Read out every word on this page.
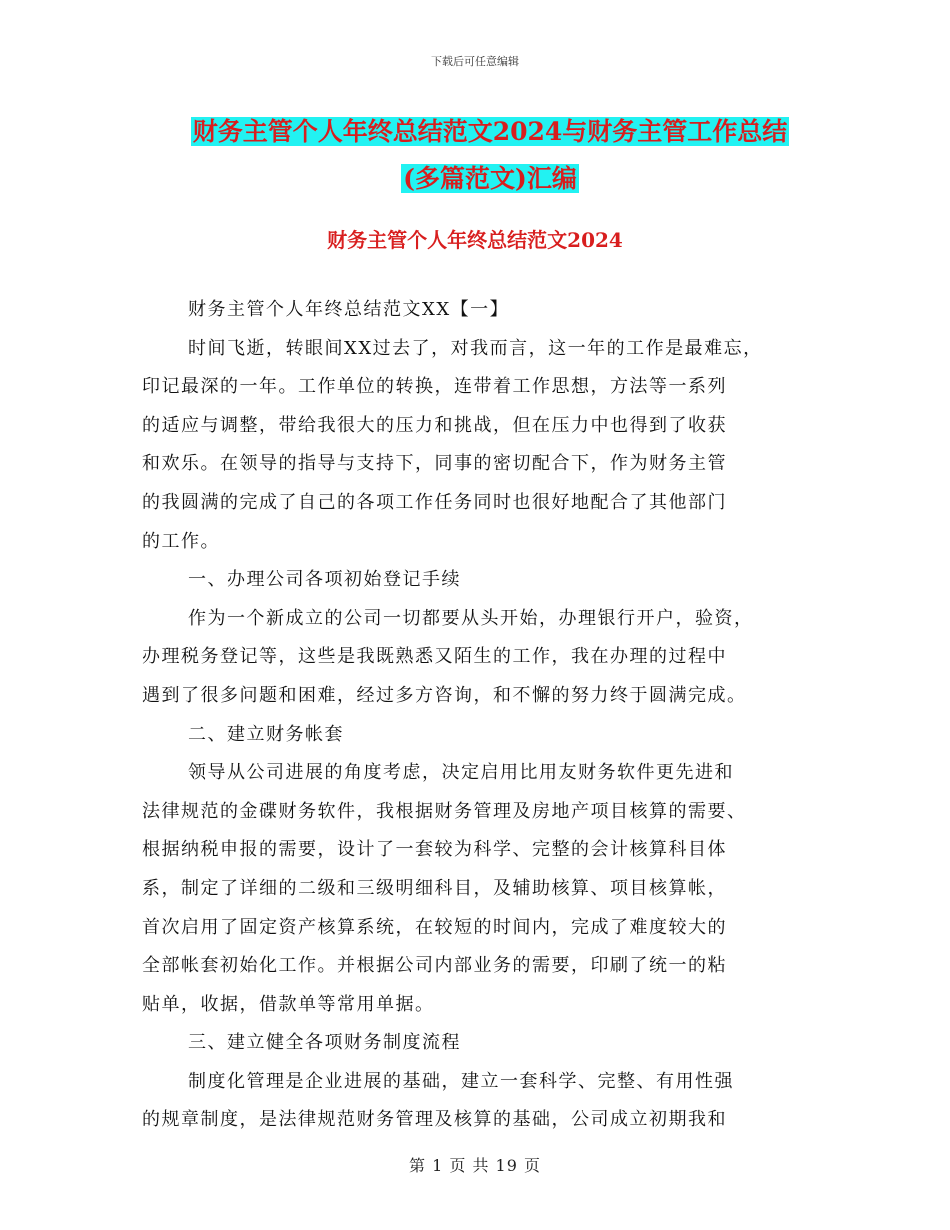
下载后可任意编辑
财务主管个人年终总结范文2024与财务主管工作总结
(多篇范文)汇编
财务主管个人年终总结范文2024
财务主管个人年终总结范文XX【一】
时间飞逝，转眼间XX过去了，对我而言，这一年的工作是最难忘，
印记最深的一年。工作单位的转换，连带着工作思想，方法等一系列
的适应与调整，带给我很大的压力和挑战，但在压力中也得到了收获
和欢乐。在领导的指导与支持下，同事的密切配合下，作为财务主管
的我圆满的完成了自己的各项工作任务同时也很好地配合了其他部门
的工作。
一、办理公司各项初始登记手续
作为一个新成立的公司一切都要从头开始，办理银行开户，验资，
办理税务登记等，这些是我既熟悉又陌生的工作，我在办理的过程中
遇到了很多问题和困难，经过多方咨询，和不懈的努力终于圆满完成。
二、建立财务帐套
领导从公司进展的角度考虑，决定启用比用友财务软件更先进和
法律规范的金碟财务软件，我根据财务管理及房地产项目核算的需要、
根据纳税申报的需要，设计了一套较为科学、完整的会计核算科目体
系，制定了详细的二级和三级明细科目，及辅助核算、项目核算帐，
首次启用了固定资产核算系统，在较短的时间内，完成了难度较大的
全部帐套初始化工作。并根据公司内部业务的需要，印刷了统一的粘
贴单，收据，借款单等常用单据。
三、建立健全各项财务制度流程
制度化管理是企业进展的基础，建立一套科学、完整、有用性强
的规章制度，是法律规范财务管理及核算的基础，公司成立初期我和
第 1 页 共 19 页
